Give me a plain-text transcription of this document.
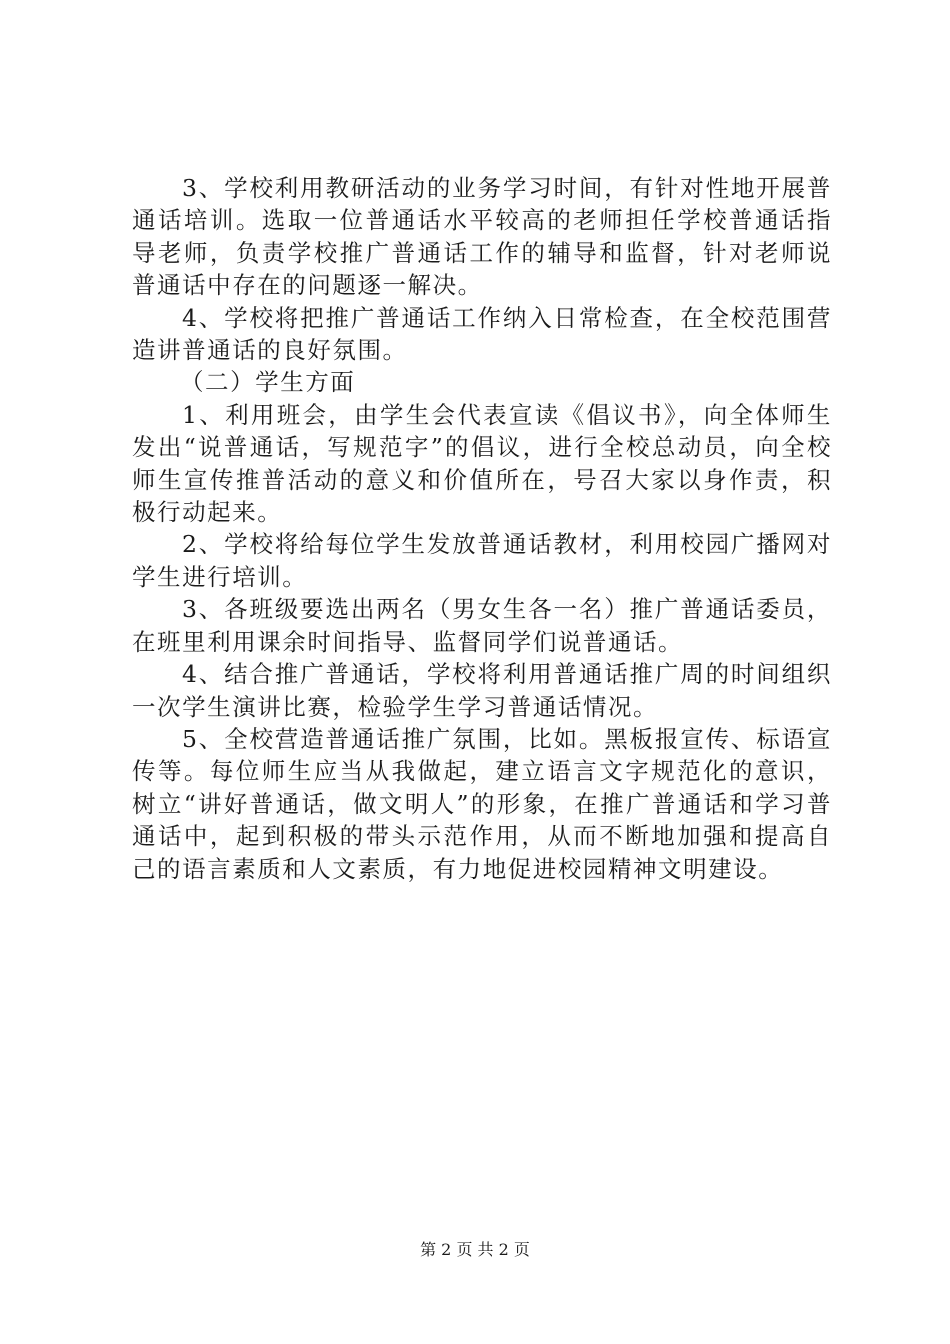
3、学校利用教研活动的业务学习时间，有针对性地开展普通话培训。选取一位普通话水平较高的老师担任学校普通话指导老师，负责学校推广普通话工作的辅导和监督，针对老师说普通话中存在的问题逐一解决。

4、学校将把推广普通话工作纳入日常检查，在全校范围营造讲普通话的良好氛围。

（二）学生方面

1、利用班会，由学生会代表宣读《倡议书》，向全体师生发出“说普通话，写规范字”的倡议，进行全校总动员，向全校师生宣传推普活动的意义和价值所在，号召大家以身作责，积极行动起来。

2、学校将给每位学生发放普通话教材，利用校园广播网对学生进行培训。

3、各班级要选出两名（男女生各一名）推广普通话委员，在班里利用课余时间指导、监督同学们说普通话。

4、结合推广普通话，学校将利用普通话推广周的时间组织一次学生演讲比赛，检验学生学习普通话情况。

5、全校营造普通话推广氛围，比如。黑板报宣传、标语宣传等。每位师生应当从我做起，建立语言文字规范化的意识，树立“讲好普通话，做文明人”的形象，在推广普通话和学习普通话中，起到积极的带头示范作用，从而不断地加强和提高自己的语言素质和人文素质，有力地促进校园精神文明建设。

第 2 页 共 2 页
